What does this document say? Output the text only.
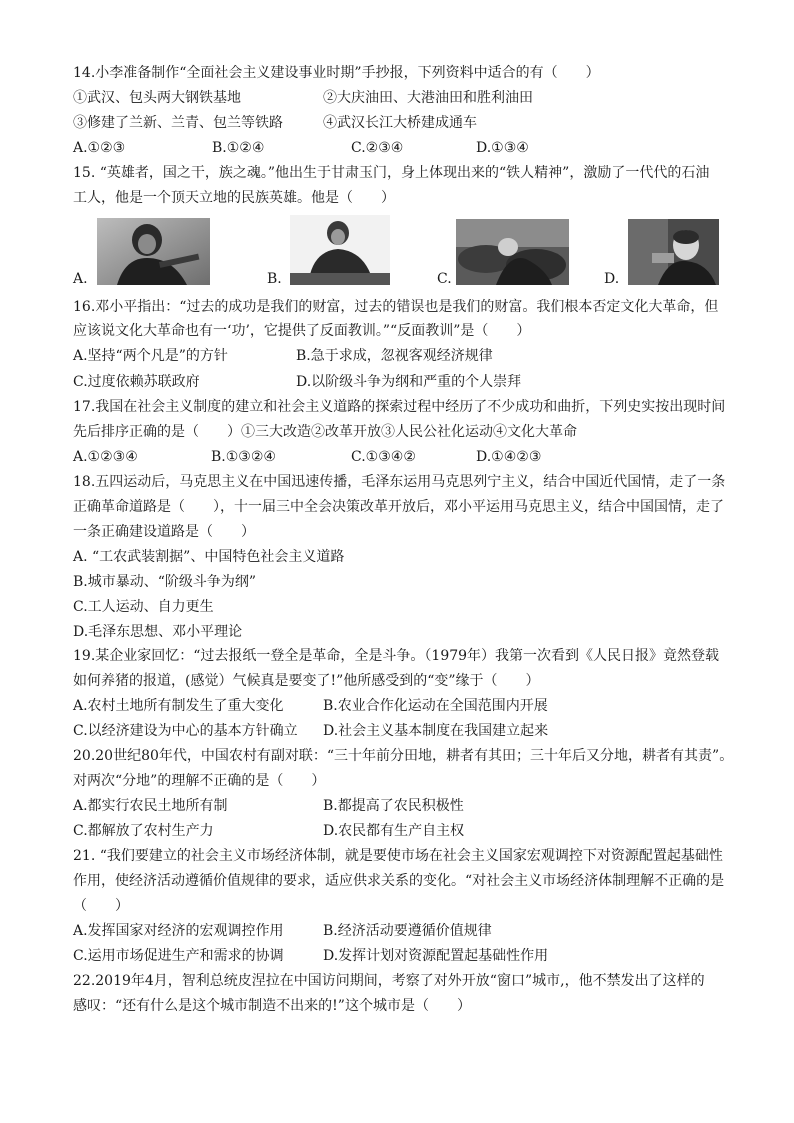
14.小李准备制作“全面社会主义建设事业时期”手抄报，下列资料中适合的有（　　）
①武汉、包头两大钢铁基地	②大庆油田、大港油田和胜利油田
③修建了兰新、兰青、包兰等铁路	④武汉长江大桥建成通车
A.①②③	B.①②④	C.②③④	D.①③④
15. “英雄者，国之干，族之魂。”他出生于甘肃玉门，身上体现出来的“铁人精神”，激励了一代代的石油
工人，他是一个顶天立地的民族英雄。他是（　　）
A.	B.	C.	D.
16.邓小平指出：“过去的成功是我们的财富，过去的错误也是我们的财富。我们根本否定文化大革命，但
应该说文化大革命也有一‘功’，它提供了反面教训。”“反面教训”是（　　）
A.坚持“两个凡是”的方针	B.急于求成，忽视客观经济规律
C.过度依赖苏联政府	D.以阶级斗争为纲和严重的个人崇拜
17.我国在社会主义制度的建立和社会主义道路的探索过程中经历了不少成功和曲折，下列史实按出现时间
先后排序正确的是（　　）①三大改造②改革开放③人民公社化运动④文化大革命
A.①②③④	B.①③②④	C.①③④②	D.①④②③
18.五四运动后，马克思主义在中国迅速传播，毛泽东运用马克思列宁主义，结合中国近代国情，走了一条
正确革命道路是（　　），十一届三中全会决策改革开放后，邓小平运用马克思主义，结合中国国情，走了
一条正确建设道路是（　　）
A. “工农武装割据”、中国特色社会主义道路
B.城市暴动、“阶级斗争为纲”
C.工人运动、自力更生
D.毛泽东思想、邓小平理论
19.某企业家回忆：“过去报纸一登全是革命，全是斗争。（1979年）我第一次看到《人民日报》竟然登载
如何养猪的报道，(感觉）气候真是要变了!”他所感受到的“变”缘于（　　）
A.农村土地所有制发生了重大变化	B.农业合作化运动在全国范围内开展
C.以经济建设为中心的基本方针确立 D.社会主义基本制度在我国建立起来
20.20世纪80年代，中国农村有副对联：“三十年前分田地，耕者有其田；三十年后又分地，耕者有其责”。
对两次“分地”的理解不正确的是（　　）
A.都实行农民土地所有制	B.都提高了农民积极性
C.都解放了农村生产力	D.农民都有生产自主权
21. “我们要建立的社会主义市场经济体制，就是要使市场在社会主义国家宏观调控下对资源配置起基础性
作用，使经济活动遵循价值规律的要求，适应供求关系的变化。“对社会主义市场经济体制理解不正确的是
（　　）
A.发挥国家对经济的宏观调控作用	B.经济活动要遵循价值规律
C.运用市场促进生产和需求的协调	D.发挥计划对资源配置起基础性作用
22.2019年4月，智利总统皮涅拉在中国访问期间，考察了对外开放“窗口”城市,，他不禁发出了这样的
感叹：“还有什么是这个城市制造不出来的!”这个城市是（　　）
